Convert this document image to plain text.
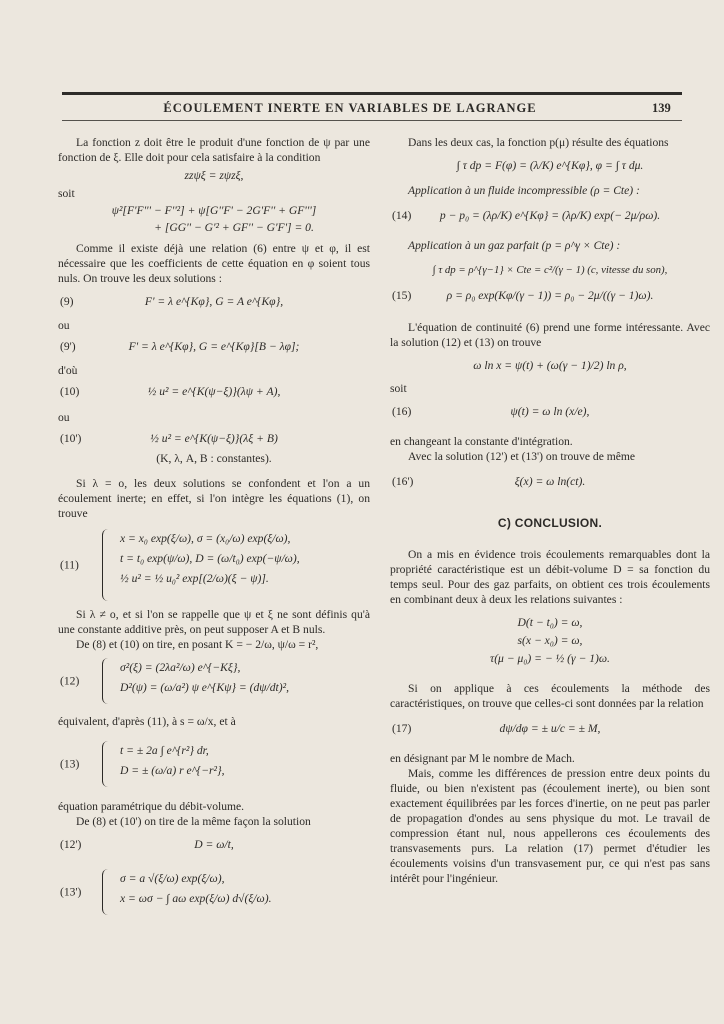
ÉCOULEMENT INERTE EN VARIABLES DE LAGRANGE	139

La fonction z doit être le produit d'une fonction de ψ par une fonction de ξ. Elle doit pour cela satisfaire à la condition

zzψξ = zψzξ,

soit

ψ²[F'F''' − F''²] + ψ[G''F' − 2G'F'' + GF''']
+ [GG'' − G'² + GF'' − G'F'] = 0.

Comme il existe déjà une relation (6) entre ψ et φ, il est nécessaire que les coefficients de cette équation en φ soient tous nuls. On trouve les deux solutions :

(9)	F' = λ e^{Kφ}, G = A e^{Kφ},

ou

(9')	F' = λ e^{Kφ}, G = e^{Kφ}[B − λφ];

d'où

(10)	½ u² = e^{K(ψ−ξ)}(λψ + A),

ou

(10')	½ u² = e^{K(ψ−ξ)}(λξ + B)
(K, λ, A, B : constantes).

Si λ = o, les deux solutions se confondent et l'on a un écoulement inerte; en effet, si l'on intègre les équations (1), on trouve

(11)
x = x₀ exp(ξ/ω), σ = (x₀/ω) exp(ξ/ω),
t = t₀ exp(ψ/ω), D = (ω/t₀) exp(−ψ/ω),
½ u² = ½ u₀² exp[(2/ω)(ξ − ψ)].

Si λ ≠ o, et si l'on se rappelle que ψ et ξ ne sont définis qu'à une constante additive près, on peut supposer A et B nuls.

De (8) et (10) on tire, en posant K = − 2/ω, ψ/ω = r²,

(12)
σ²(ξ) = (2λa²/ω) e^{−Kξ},
D²(ψ) = (ω/a²) ψ e^{Kψ} = (dψ/dt)²,

équivalent, d'après (11), à s = ω/x, et à

(13)
t = ± 2a ∫ e^{r²} dr,
D = ± (ω/a) r e^{−r²},

équation paramétrique du débit-volume.

De (8) et (10') on tire de la même façon la solution

(12')	D = ω/t,
(13')
σ = a √(ξ/ω) exp(ξ/ω),
x = ωσ − ∫ aω exp(ξ/ω) d√(ξ/ω).

Dans les deux cas, la fonction p(μ) résulte des équations

∫ τ dp = F(φ) = (λ/K) e^{Kφ}, φ = ∫ τ dμ.

Application à un fluide incompressible (ρ = Cte) :

(14) p − p₀ = (λρ/K) e^{Kφ} = (λρ/K) exp(− 2μ/ρω).

Application à un gaz parfait (p = ρ^γ × Cte) :

∫ τ dp = ρ^{γ−1} × Cte = c²/(γ − 1) (c, vitesse du son),
(15)	ρ = ρ₀ exp(Kφ/(γ − 1)) = ρ₀ − 2μ/((γ − 1)ω).

L'équation de continuité (6) prend une forme intéressante. Avec la solution (12) et (13) on trouve

ω ln x = ψ(t) + (ω(γ − 1)/2) ln ρ,

soit

(16)	ψ(t) = ω ln (x/e),

en changeant la constante d'intégration.

Avec la solution (12') et (13') on trouve de même

(16')	ξ(x) = ω ln(ct).
C) CONCLUSION.

On a mis en évidence trois écoulements remarquables dont la propriété caractéristique est un débit-volume D = sa fonction du temps seul. Pour des gaz parfaits, on obtient ces trois écoulements en combinant deux à deux les relations suivantes :

D(t − t₀) = ω,
s(x − x₀) = ω,
τ(μ − μ₀) = − ½ (γ − 1)ω.

Si on applique à ces écoulements la méthode des caractéristiques, on trouve que celles-ci sont données par la relation

(17)	dψ/dφ = ± u/c = ± M,

en désignant par M le nombre de Mach.

Mais, comme les différences de pression entre deux points du fluide, ou bien n'existent pas (écoulement inerte), ou bien sont exactement équilibrées par les forces d'inertie, on ne peut pas parler de propagation d'ondes au sens physique du mot. Le travail de compression étant nul, nous appellerons ces écoulements des transvasements purs. La relation (17) permet d'étudier les écoulements voisins d'un transvasement pur, ce qui n'est pas sans intérêt pour l'ingénieur.
